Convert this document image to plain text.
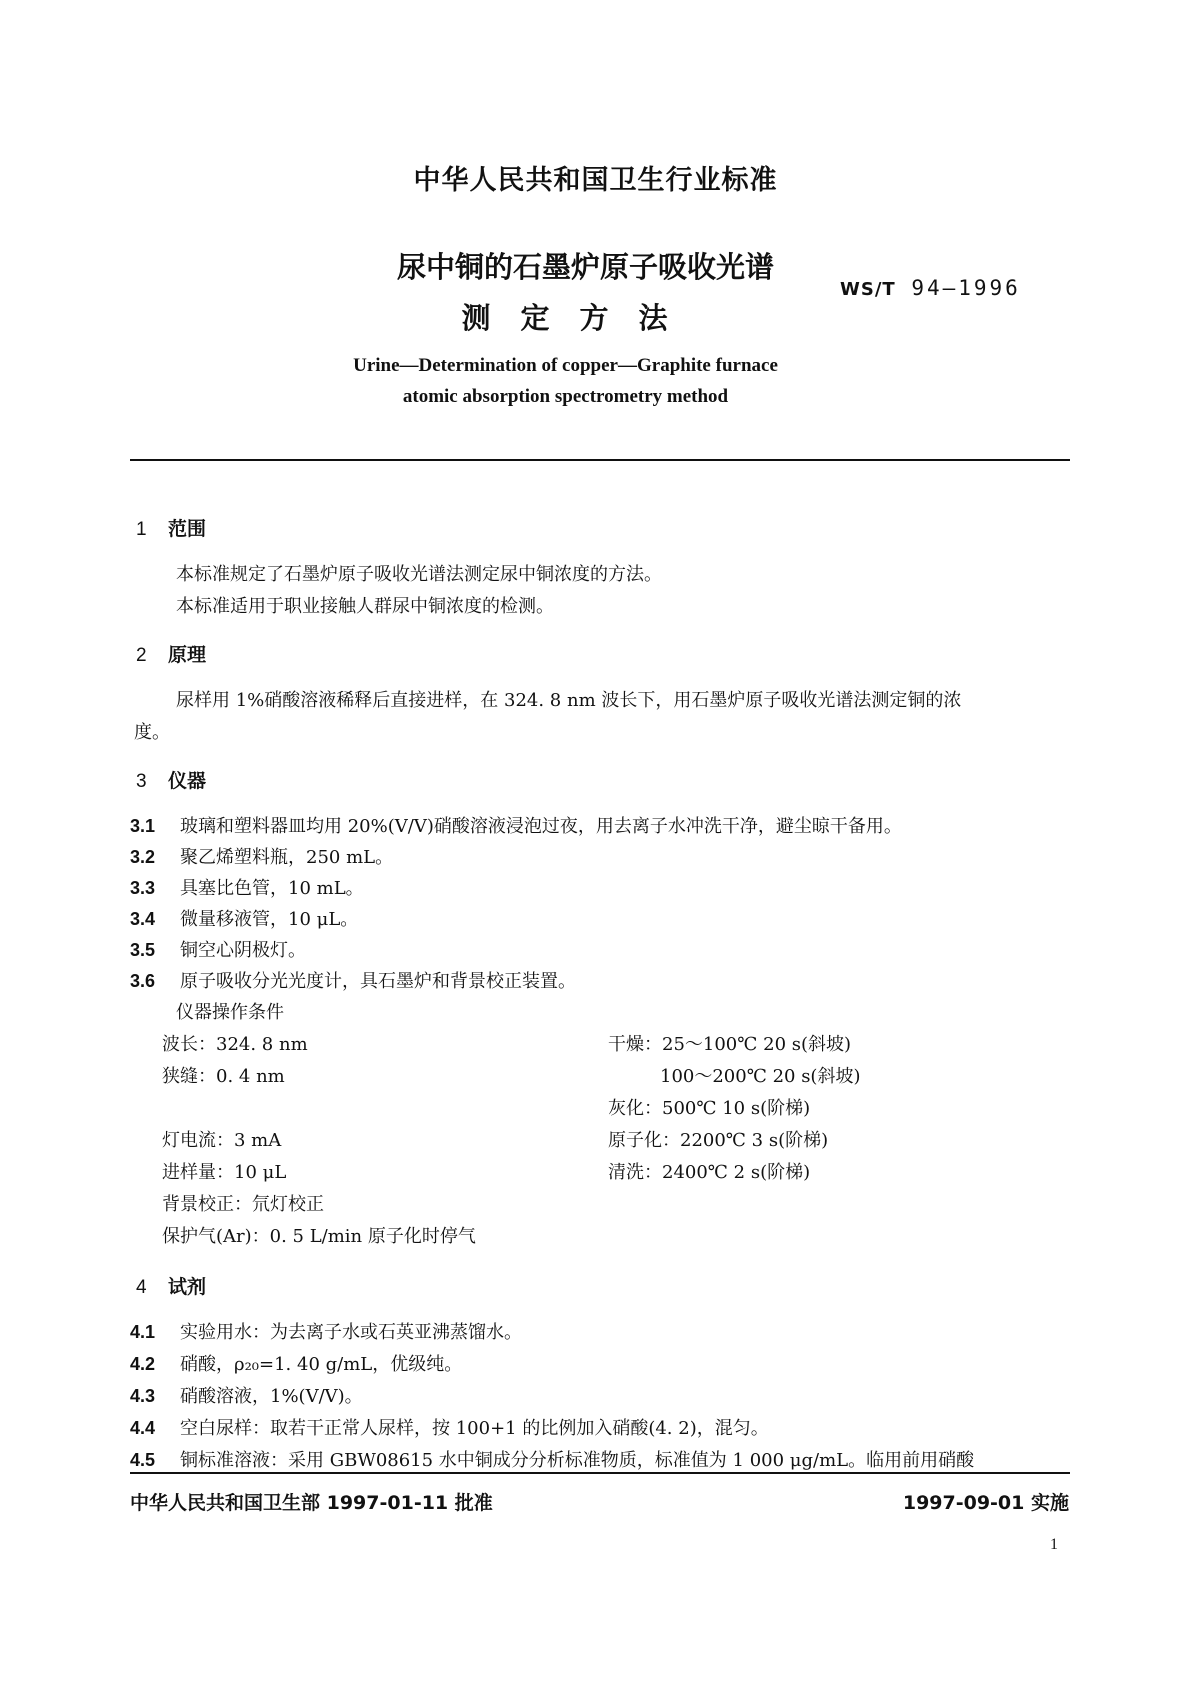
中华人民共和国卫生行业标准
尿中铜的石墨炉原子吸收光谱
测定方法
WS/T 94—1996
Urine—Determination of copper—Graphite furnace
atomic absorption spectrometry method
1 范围
本标准规定了石墨炉原子吸收光谱法测定尿中铜浓度的方法。
本标准适用于职业接触人群尿中铜浓度的检测。
2 原理
尿样用 1%硝酸溶液稀释后直接进样，在 324. 8 nm 波长下，用石墨炉原子吸收光谱法测定铜的浓
度。
3 仪器
3.1 玻璃和塑料器皿均用 20%(V/V)硝酸溶液浸泡过夜，用去离子水冲洗干净，避尘晾干备用。
3.2 聚乙烯塑料瓶，250 mL。
3.3 具塞比色管，10 mL。
3.4 微量移液管，10 μL。
3.5 铜空心阴极灯。
3.6 原子吸收分光光度计，具石墨炉和背景校正装置。
仪器操作条件
波长：324. 8 nm
狭缝：0. 4 nm
灯电流：3 mA
进样量：10 μL
背景校正：氘灯校正
保护气(Ar)：0. 5 L/min 原子化时停气
干燥：25～100℃ 20 s(斜坡)
100～200℃ 20 s(斜坡)
灰化：500℃ 10 s(阶梯)
原子化：2200℃ 3 s(阶梯)
清洗：2400℃ 2 s(阶梯)
4 试剂
4.1 实验用水：为去离子水或石英亚沸蒸馏水。
4.2 硝酸，ρ₂₀=1. 40 g/mL，优级纯。
4.3 硝酸溶液，1%(V/V)。
4.4 空白尿样：取若干正常人尿样，按 100+1 的比例加入硝酸(4. 2)，混匀。
4.5 铜标准溶液：采用 GBW08615 水中铜成分分析标准物质，标准值为 1 000 μg/mL。临用前用硝酸
中华人民共和国卫生部 1997-01-11 批准	1997-09-01 实施
1
